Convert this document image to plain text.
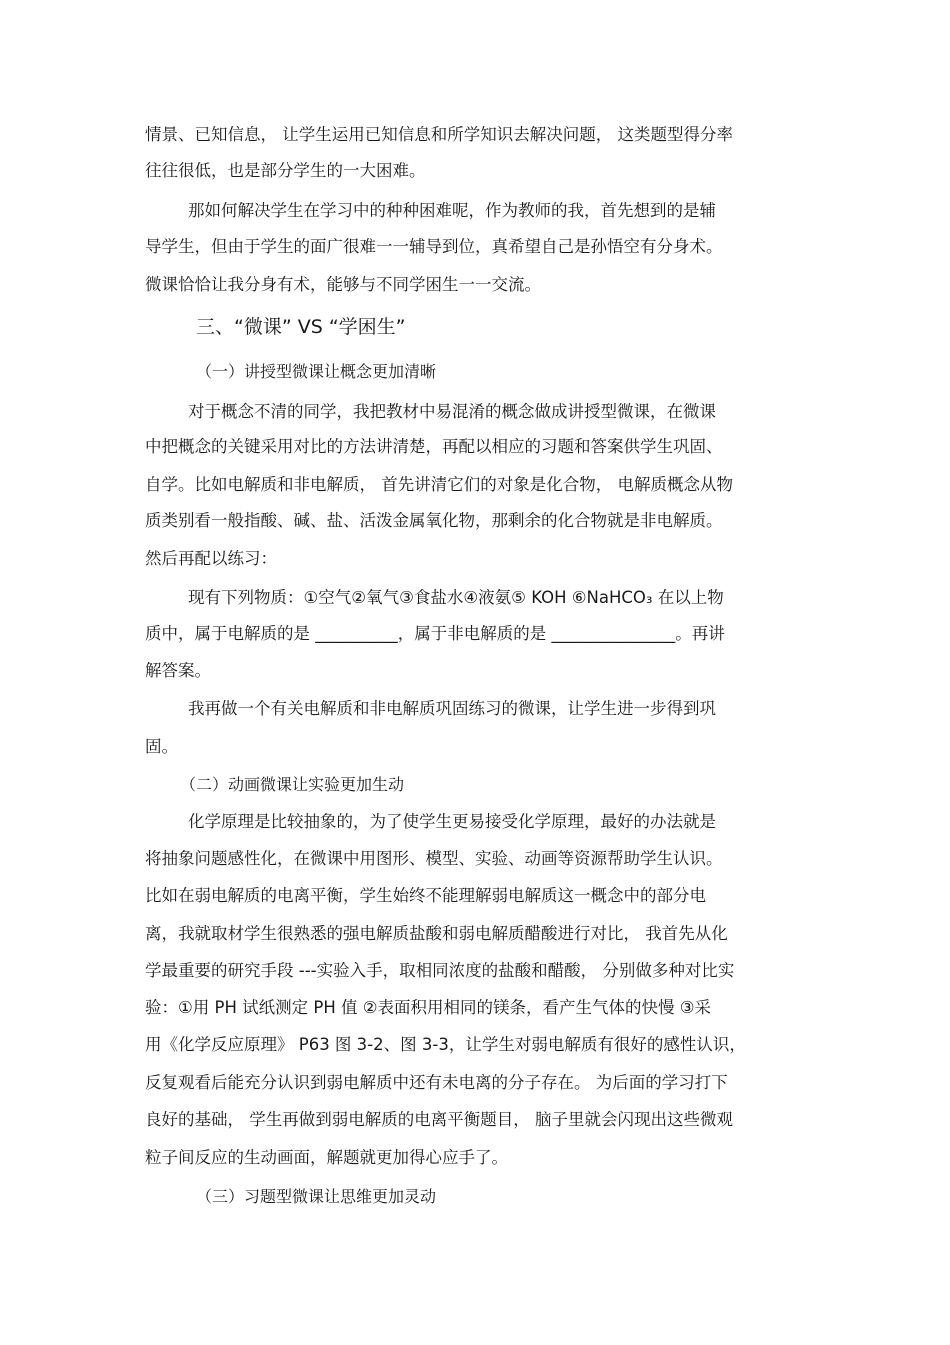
情景、已知信息， 让学生运用已知信息和所学知识去解决问题， 这类题型得分率
往往很低，也是部分学生的一大困难。
那如何解决学生在学习中的种种困难呢，作为教师的我，首先想到的是辅
导学生，但由于学生的面广很难一一辅导到位，真希望自己是孙悟空有分身术。
微课恰恰让我分身有术，能够与不同学困生一一交流。
三、“微课” VS “学困生”
（一）讲授型微课让概念更加清晰
对于概念不清的同学，我把教材中易混淆的概念做成讲授型微课，在微课
中把概念的关键采用对比的方法讲清楚，再配以相应的习题和答案供学生巩固、
自学。比如电解质和非电解质， 首先讲清它们的对象是化合物， 电解质概念从物
质类别看一般指酸、碱、盐、活泼金属氧化物，那剩余的化合物就是非电解质。
然后再配以练习：
现有下列物质：①空气②氧气③食盐水④液氨⑤ KOH ⑥NaHCO₃ 在以上物
质中，属于电解质的是 __________，属于非电解质的是 _______________。再讲
解答案。
我再做一个有关电解质和非电解质巩固练习的微课，让学生进一步得到巩
固。
（二）动画微课让实验更加生动
化学原理是比较抽象的，为了使学生更易接受化学原理，最好的办法就是
将抽象问题感性化，在微课中用图形、模型、实验、动画等资源帮助学生认识。
比如在弱电解质的电离平衡，学生始终不能理解弱电解质这一概念中的部分电
离，我就取材学生很熟悉的强电解质盐酸和弱电解质醋酸进行对比， 我首先从化
学最重要的研究手段 ---实验入手，取相同浓度的盐酸和醋酸， 分别做多种对比实
验：①用 PH 试纸测定 PH 值 ②表面积用相同的镁条，看产生气体的快慢 ③采
用《化学反应原理》 P63 图 3-2、图 3-3，让学生对弱电解质有很好的感性认识，
反复观看后能充分认识到弱电解质中还有未电离的分子存在。 为后面的学习打下
良好的基础， 学生再做到弱电解质的电离平衡题目， 脑子里就会闪现出这些微观
粒子间反应的生动画面，解题就更加得心应手了。
（三）习题型微课让思维更加灵动
